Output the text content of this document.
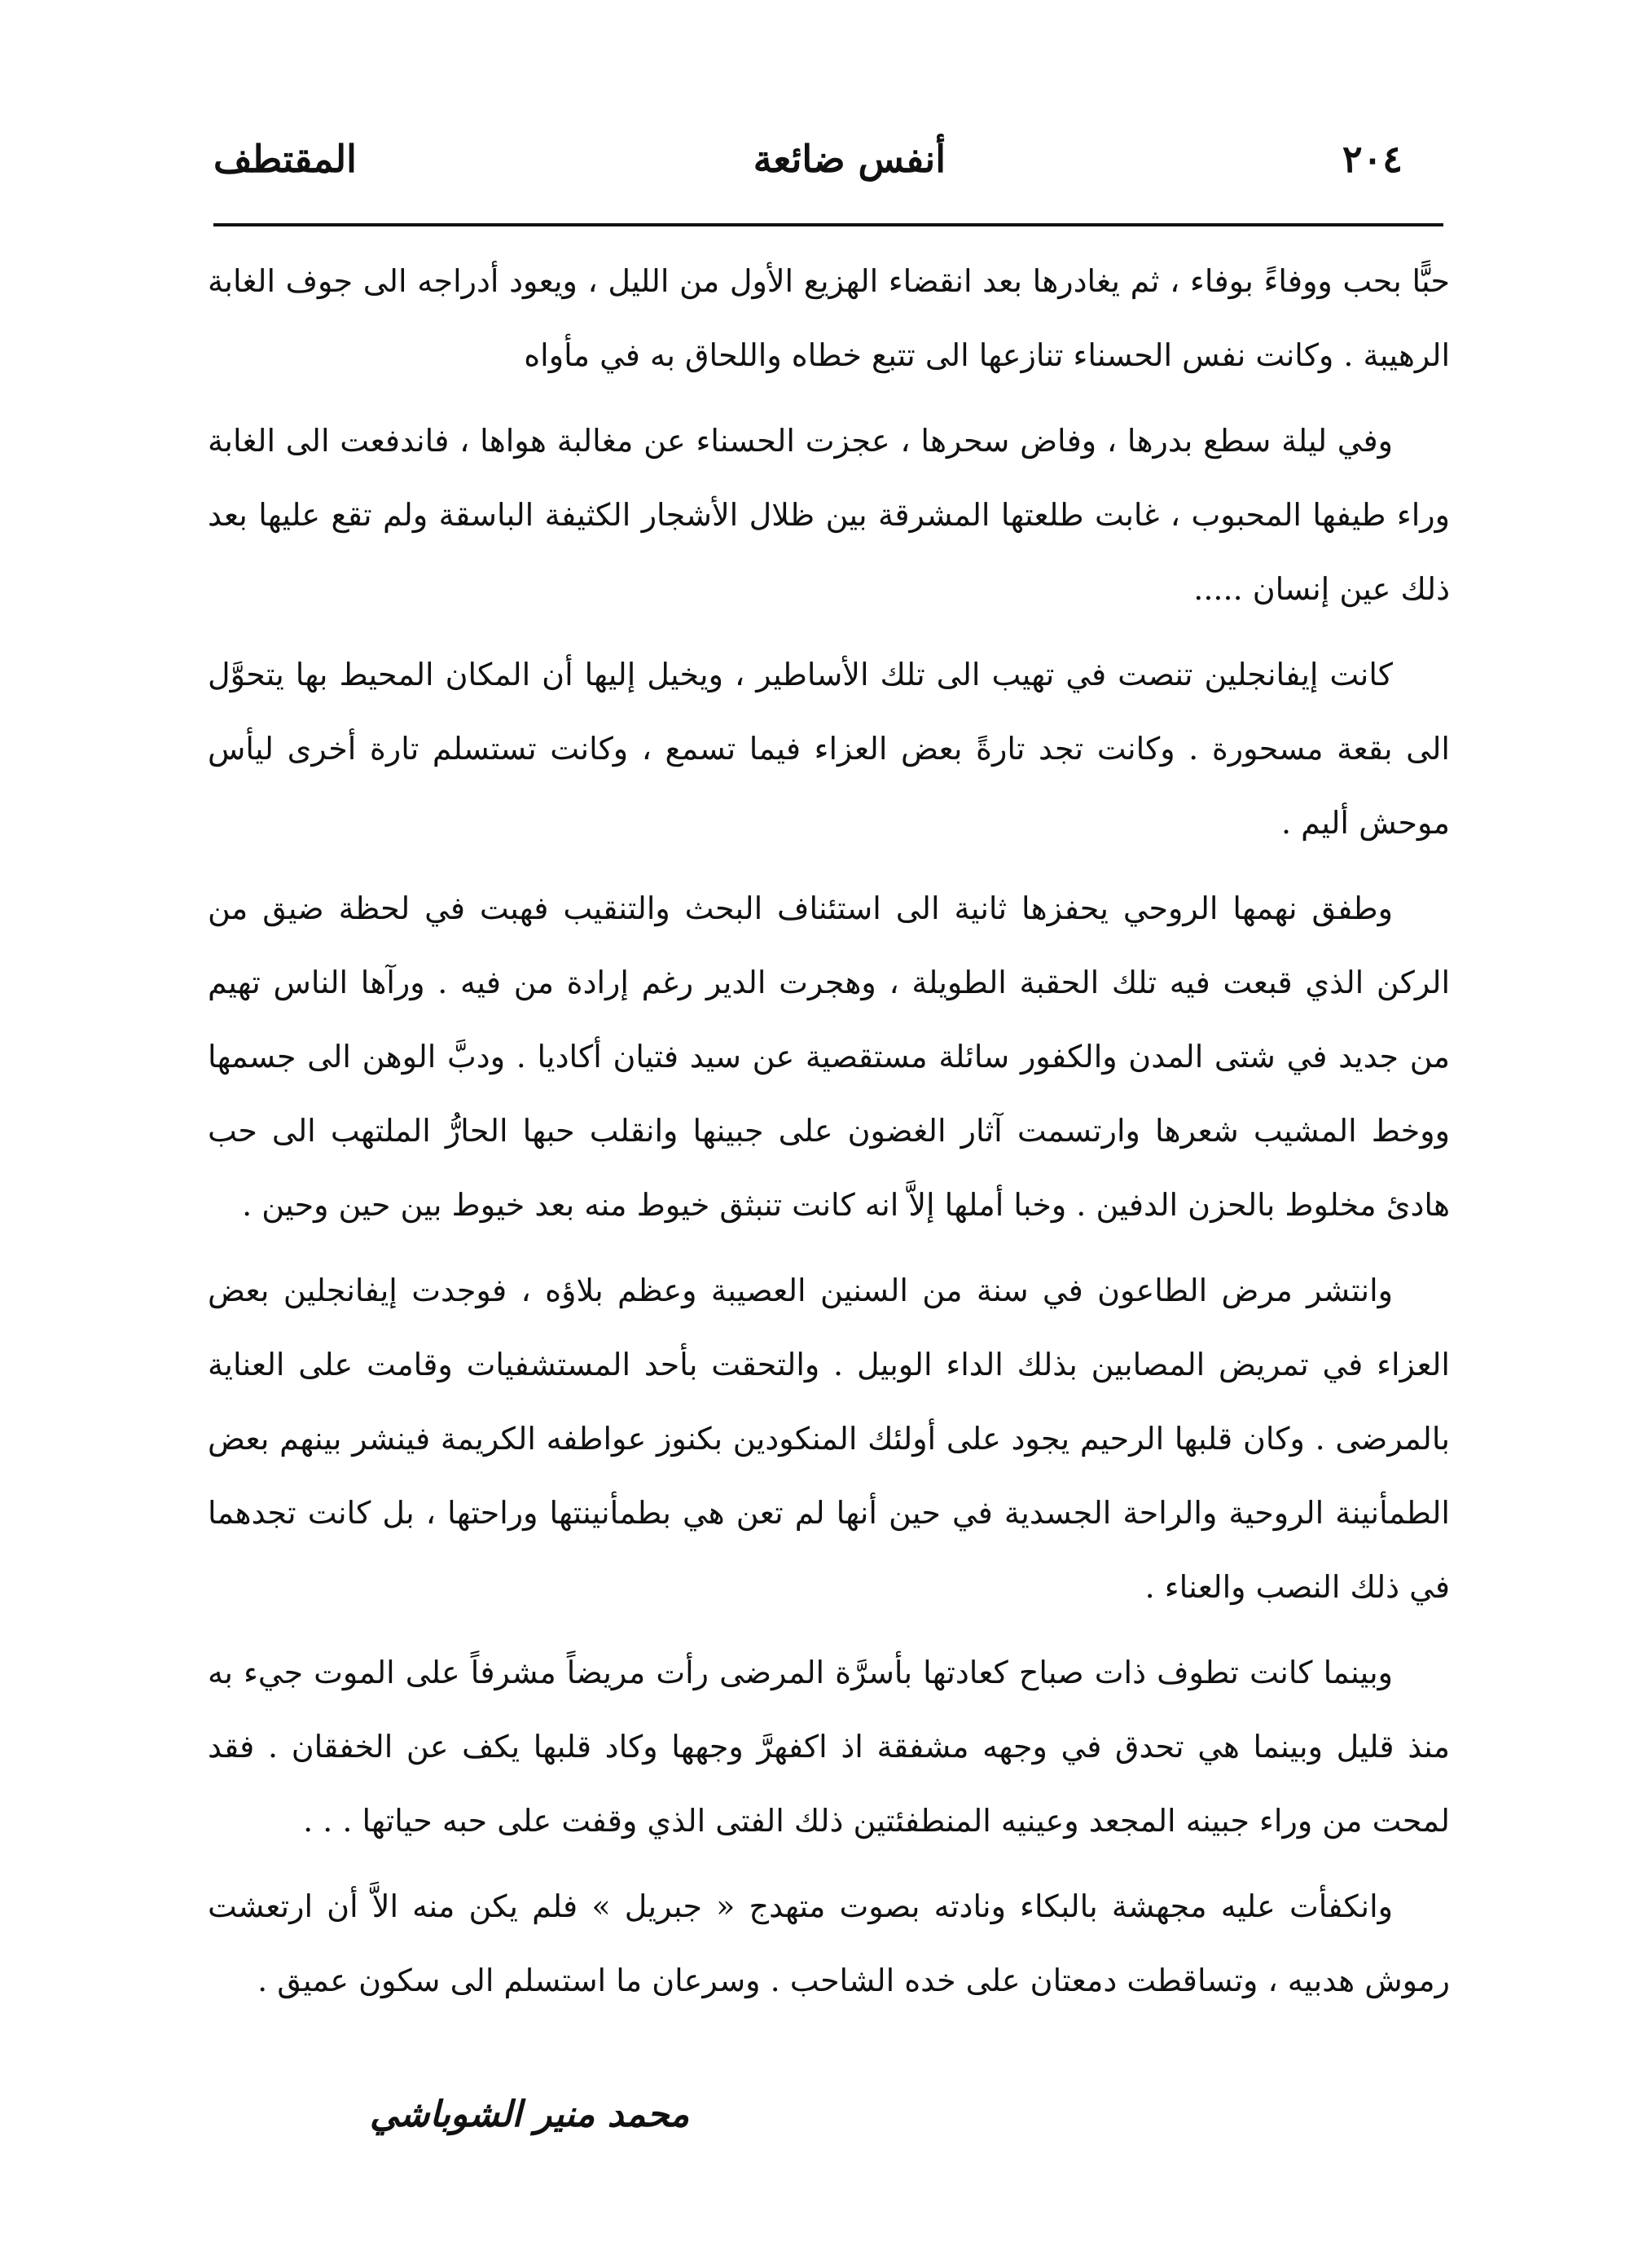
٢٠٤
أنفس ضائعة
المقتطف

حبًّا بحب ووفاءً بوفاء ، ثم يغادرها بعد انقضاء الهزيع الأول من الليل ، ويعود أدراجه الى جوف الغابة الرهيبة . وكانت نفس الحسناء تنازعها الى تتبع خطاه واللحاق به في مأواه

وفي ليلة سطع بدرها ، وفاض سحرها ، عجزت الحسناء عن مغالبة هواها ، فاندفعت الى الغابة وراء طيفها المحبوب ، غابت طلعتها المشرقة بين ظلال الأشجار الكثيفة الباسقة ولم تقع عليها بعد ذلك عين إنسان .....

كانت إيفانجلين تنصت في تهيب الى تلك الأساطير ، ويخيل إليها أن المكان المحيط بها يتحوَّل الى بقعة مسحورة . وكانت تجد تارةً بعض العزاء فيما تسمع ، وكانت تستسلم تارة أخرى ليأس موحش أليم .

وطفق نهمها الروحي يحفزها ثانية الى استئناف البحث والتنقيب فهبت في لحظة ضيق من الركن الذي قبعت فيه تلك الحقبة الطويلة ، وهجرت الدير رغم إرادة من فيه . ورآها الناس تهيم من جديد في شتى المدن والكفور سائلة مستقصية عن سيد فتيان أكاديا . ودبَّ الوهن الى جسمها ووخط المشيب شعرها وارتسمت آثار الغضون على جبينها وانقلب حبها الحارُّ الملتهب الى حب هادئ مخلوط بالحزن الدفين . وخبا أملها إلاَّ انه كانت تنبثق خيوط منه بعد خيوط بين حين وحين .

وانتشر مرض الطاعون في سنة من السنين العصيبة وعظم بلاؤه ، فوجدت إيفانجلين بعض العزاء في تمريض المصابين بذلك الداء الوبيل . والتحقت بأحد المستشفيات وقامت على العناية بالمرضى . وكان قلبها الرحيم يجود على أولئك المنكودين بكنوز عواطفه الكريمة فينشر بينهم بعض الطمأنينة الروحية والراحة الجسدية في حين أنها لم تعن هي بطمأنينتها وراحتها ، بل كانت تجدهما في ذلك النصب والعناء .

وبينما كانت تطوف ذات صباح كعادتها بأسرَّة المرضى رأت مريضاً مشرفاً على الموت جيء به منذ قليل وبينما هي تحدق في وجهه مشفقة اذ اكفهرَّ وجهها وكاد قلبها يكف عن الخفقان . فقد لمحت من وراء جبينه المجعد وعينيه المنطفئتين ذلك الفتى الذي وقفت على حبه حياتها . . .

وانكفأت عليه مجهشة بالبكاء ونادته بصوت متهدج « جبريل » فلم يكن منه الاَّ أن ارتعشت رموش هدبيه ، وتساقطت دمعتان على خده الشاحب . وسرعان ما استسلم الى سكون عميق .

محمد منير الشوباشي
